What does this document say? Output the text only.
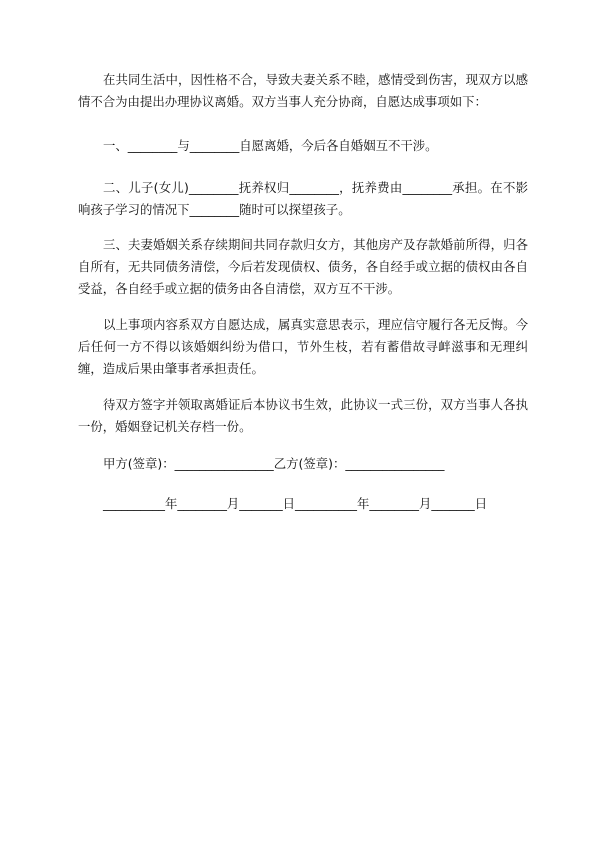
在共同生活中，因性格不合，导致夫妻关系不睦，感情受到伤害，现双方以感情不合为由提出办理协议离婚。双方当事人充分协商，自愿达成事项如下：

一、________与________自愿离婚，今后各自婚姻互不干涉。

二、儿子(女儿)________抚养权归________，抚养费由________承担。在不影响孩子学习的情况下________随时可以探望孩子。

三、夫妻婚姻关系存续期间共同存款归女方，其他房产及存款婚前所得，归各自所有，无共同债务清偿，今后若发现债权、债务，各自经手或立据的债权由各自受益，各自经手或立据的债务由各自清偿，双方互不干涉。

以上事项内容系双方自愿达成，属真实意思表示，理应信守履行各无反悔。今后任何一方不得以该婚姻纠纷为借口，节外生枝，若有蓄借故寻衅滋事和无理纠缠，造成后果由肇事者承担责任。

待双方签字并领取离婚证后本协议书生效，此协议一式三份，双方当事人各执一份，婚姻登记机关存档一份。

甲方(签章)：________________乙方(签章)：________________

__________年________月_______日__________年________月_______日
